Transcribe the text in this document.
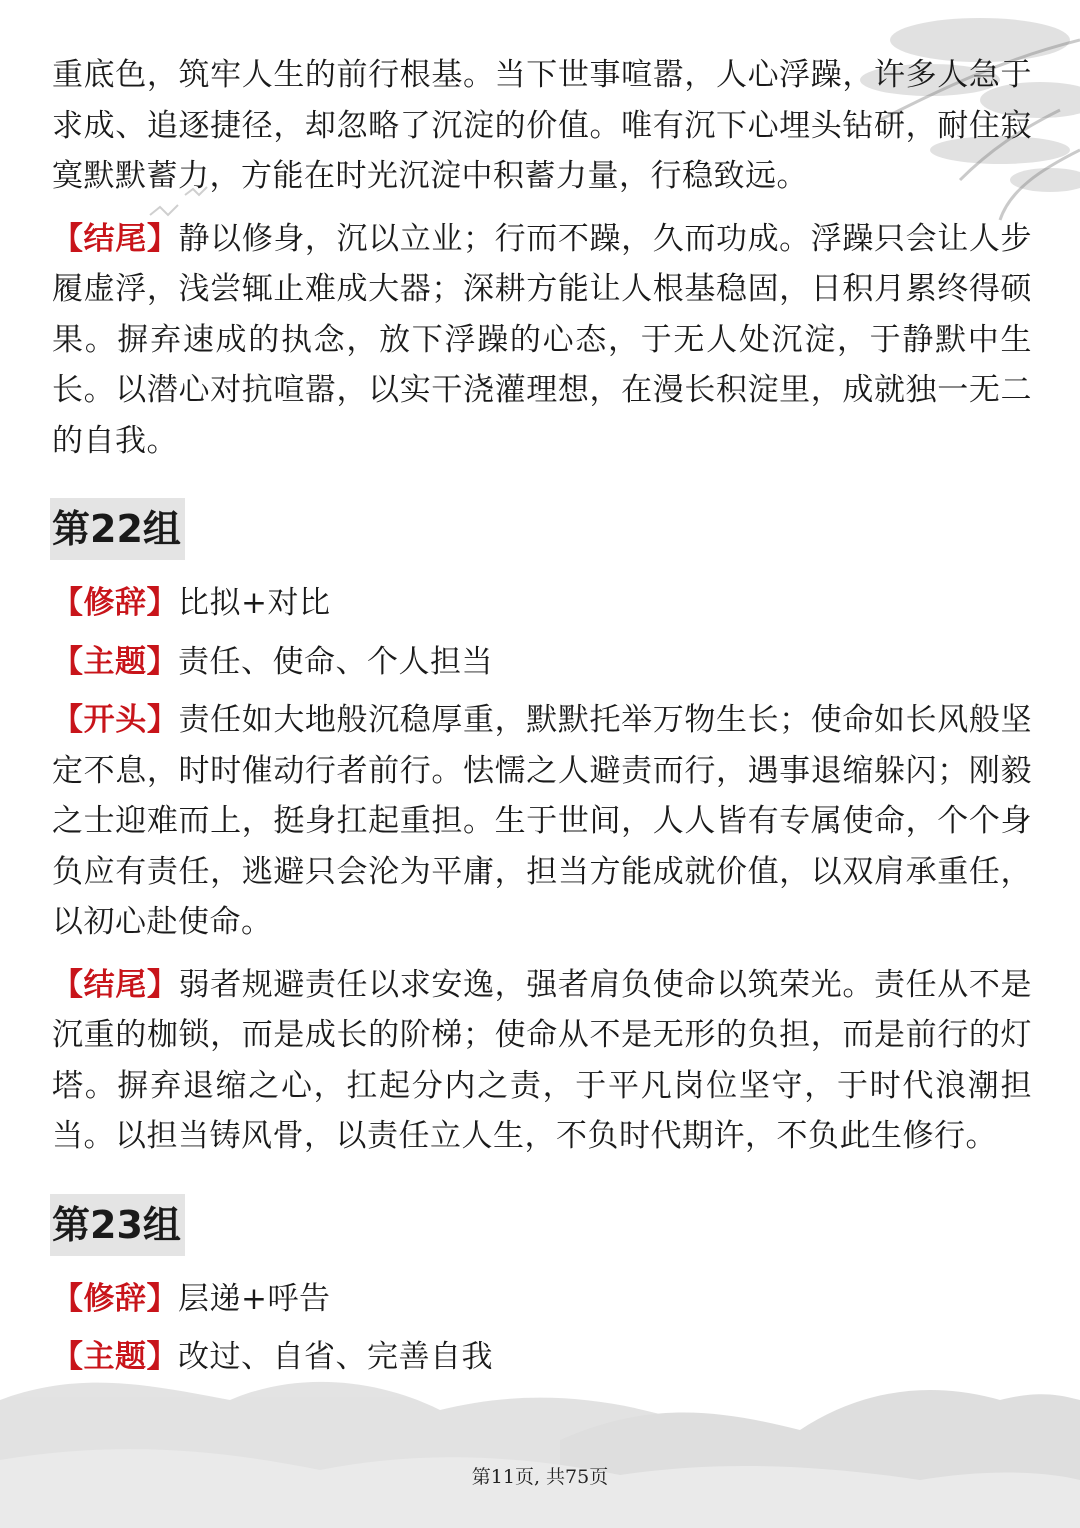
重底色，筑牢人生的前行根基。当下世事喧嚣，人心浮躁，许多人急于求成、追逐捷径，却忽略了沉淀的价值。唯有沉下心埋头钻研，耐住寂寞默默蓄力，方能在时光沉淀中积蓄力量，行稳致远。

【结尾】静以修身，沉以立业；行而不躁，久而功成。浮躁只会让人步履虚浮，浅尝辄止难成大器；深耕方能让人根基稳固，日积月累终得硕果。摒弃速成的执念，放下浮躁的心态，于无人处沉淀，于静默中生长。以潜心对抗喧嚣，以实干浇灌理想，在漫长积淀里，成就独一无二的自我。

第22组

【修辞】比拟+对比

【主题】责任、使命、个人担当

【开头】责任如大地般沉稳厚重，默默托举万物生长；使命如长风般坚定不息，时时催动行者前行。怯懦之人避责而行，遇事退缩躲闪；刚毅之士迎难而上，挺身扛起重担。生于世间，人人皆有专属使命，个个身负应有责任，逃避只会沦为平庸，担当方能成就价值，以双肩承重任，以初心赴使命。

【结尾】弱者规避责任以求安逸，强者肩负使命以筑荣光。责任从不是沉重的枷锁，而是成长的阶梯；使命从不是无形的负担，而是前行的灯塔。摒弃退缩之心，扛起分内之责，于平凡岗位坚守，于时代浪潮担当。以担当铸风骨，以责任立人生，不负时代期许，不负此生修行。

第23组

【修辞】层递+呼告

【主题】改过、自省、完善自我

第11页, 共75页
